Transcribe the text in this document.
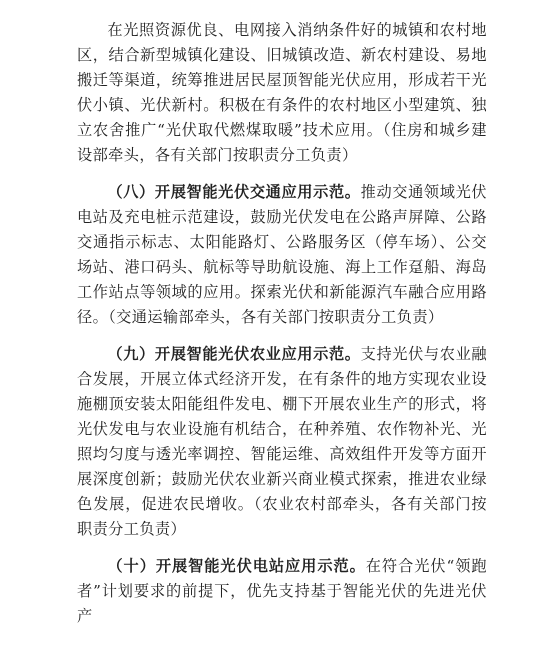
在光照资源优良、电网接入消纳条件好的城镇和农村地区，结合新型城镇化建设、旧城镇改造、新农村建设、易地搬迁等渠道，统筹推进居民屋顶智能光伏应用，形成若干光伏小镇、光伏新村。积极在有条件的农村地区小型建筑、独立农舍推广“光伏取代燃煤取暖”技术应用。（住房和城乡建设部牵头，各有关部门按职责分工负责）

（八）开展智能光伏交通应用示范。推动交通领域光伏电站及充电桩示范建设，鼓励光伏发电在公路声屏障、公路交通指示标志、太阳能路灯、公路服务区（停车场）、公交场站、港口码头、航标等导助航设施、海上工作趸船、海岛工作站点等领域的应用。探索光伏和新能源汽车融合应用路径。（交通运输部牵头，各有关部门按职责分工负责）

（九）开展智能光伏农业应用示范。支持光伏与农业融合发展，开展立体式经济开发，在有条件的地方实现农业设施棚顶安装太阳能组件发电、棚下开展农业生产的形式，将光伏发电与农业设施有机结合，在种养殖、农作物补光、光照均匀度与透光率调控、智能运维、高效组件开发等方面开展深度创新；鼓励光伏农业新兴商业模式探索，推进农业绿色发展，促进农民增收。（农业农村部牵头，各有关部门按职责分工负责）

（十）开展智能光伏电站应用示范。在符合光伏“领跑者”计划要求的前提下，优先支持基于智能光伏的先进光伏产
